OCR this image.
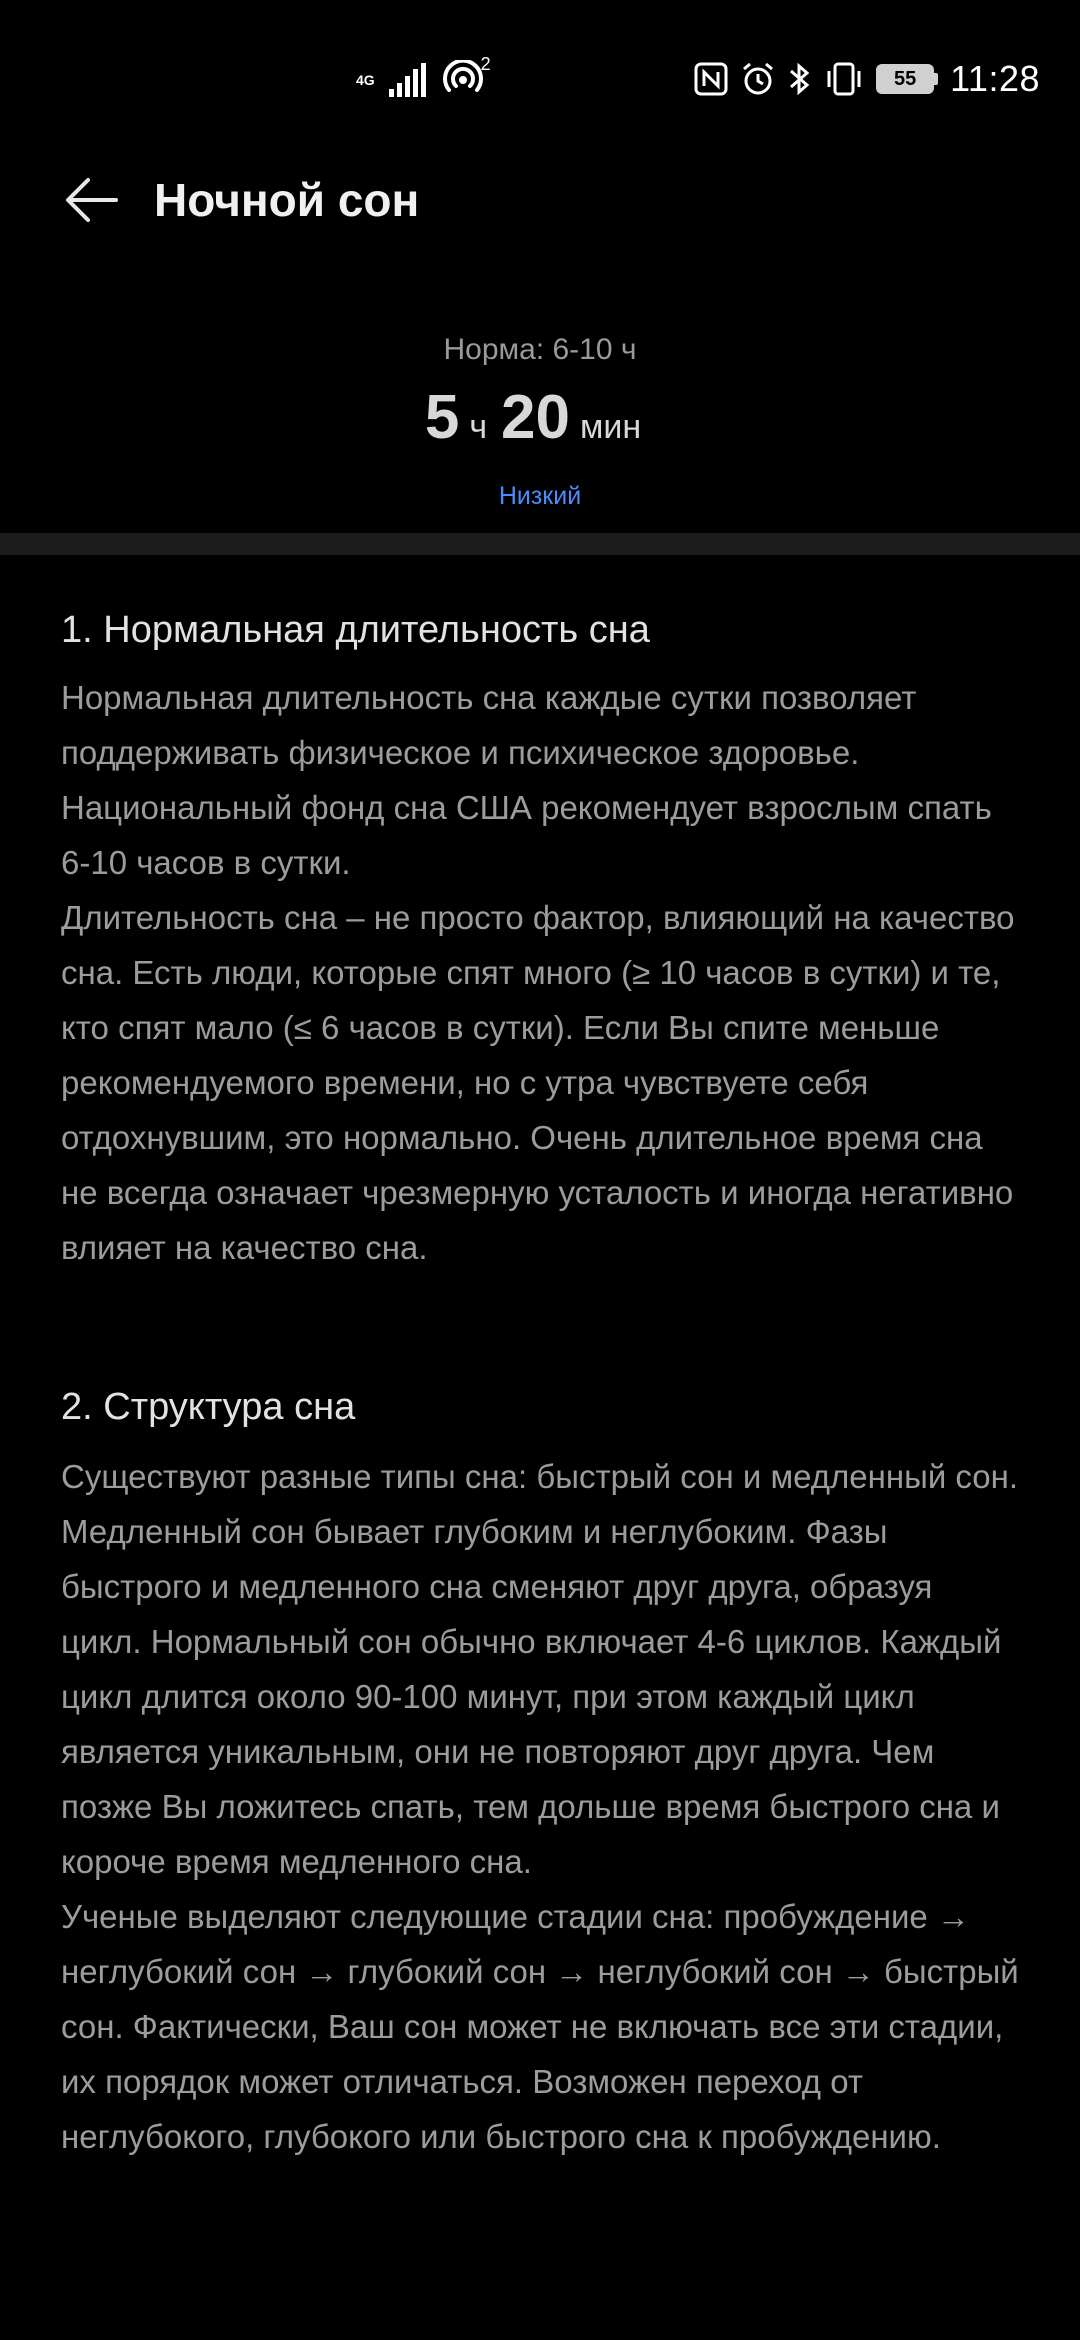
4G
2
55 11:28
Ночной сон
Норма: 6-10 ч
5 ч 20 мин
Низкий
1. Нормальная длительность сна

Нормальная длительность сна каждые сутки позволяет поддерживать физическое и психическое здоровье. Национальный фонд сна США рекомендует взрослым спать 6-10 часов в сутки.

Длительность сна – не просто фактор, влияющий на качество сна. Есть люди, которые спят много (≥ 10 часов в сутки) и те, кто спят мало (≤ 6 часов в сутки). Если Вы спите меньше рекомендуемого времени, но с утра чувствуете себя отдохнувшим, это нормально. Очень длительное время сна не всегда означает чрезмерную усталость и иногда негативно влияет на качество сна.

2. Структура сна

Существуют разные типы сна: быстрый сон и медленный сон. Медленный сон бывает глубоким и неглубоким. Фазы быстрого и медленного сна сменяют друг друга, образуя цикл. Нормальный сон обычно включает 4-6 циклов. Каждый цикл длится около 90-100 минут, при этом каждый цикл является уникальным, они не повторяют друг друга. Чем позже Вы ложитесь спать, тем дольше время быстрого сна и короче время медленного сна.

Ученые выделяют следующие стадии сна: пробуждение → неглубокий сон → глубокий сон → неглубокий сон → быстрый сон. Фактически, Ваш сон может не включать все эти стадии, их порядок может отличаться. Возможен переход от неглубокого, глубокого или быстрого сна к пробуждению.
